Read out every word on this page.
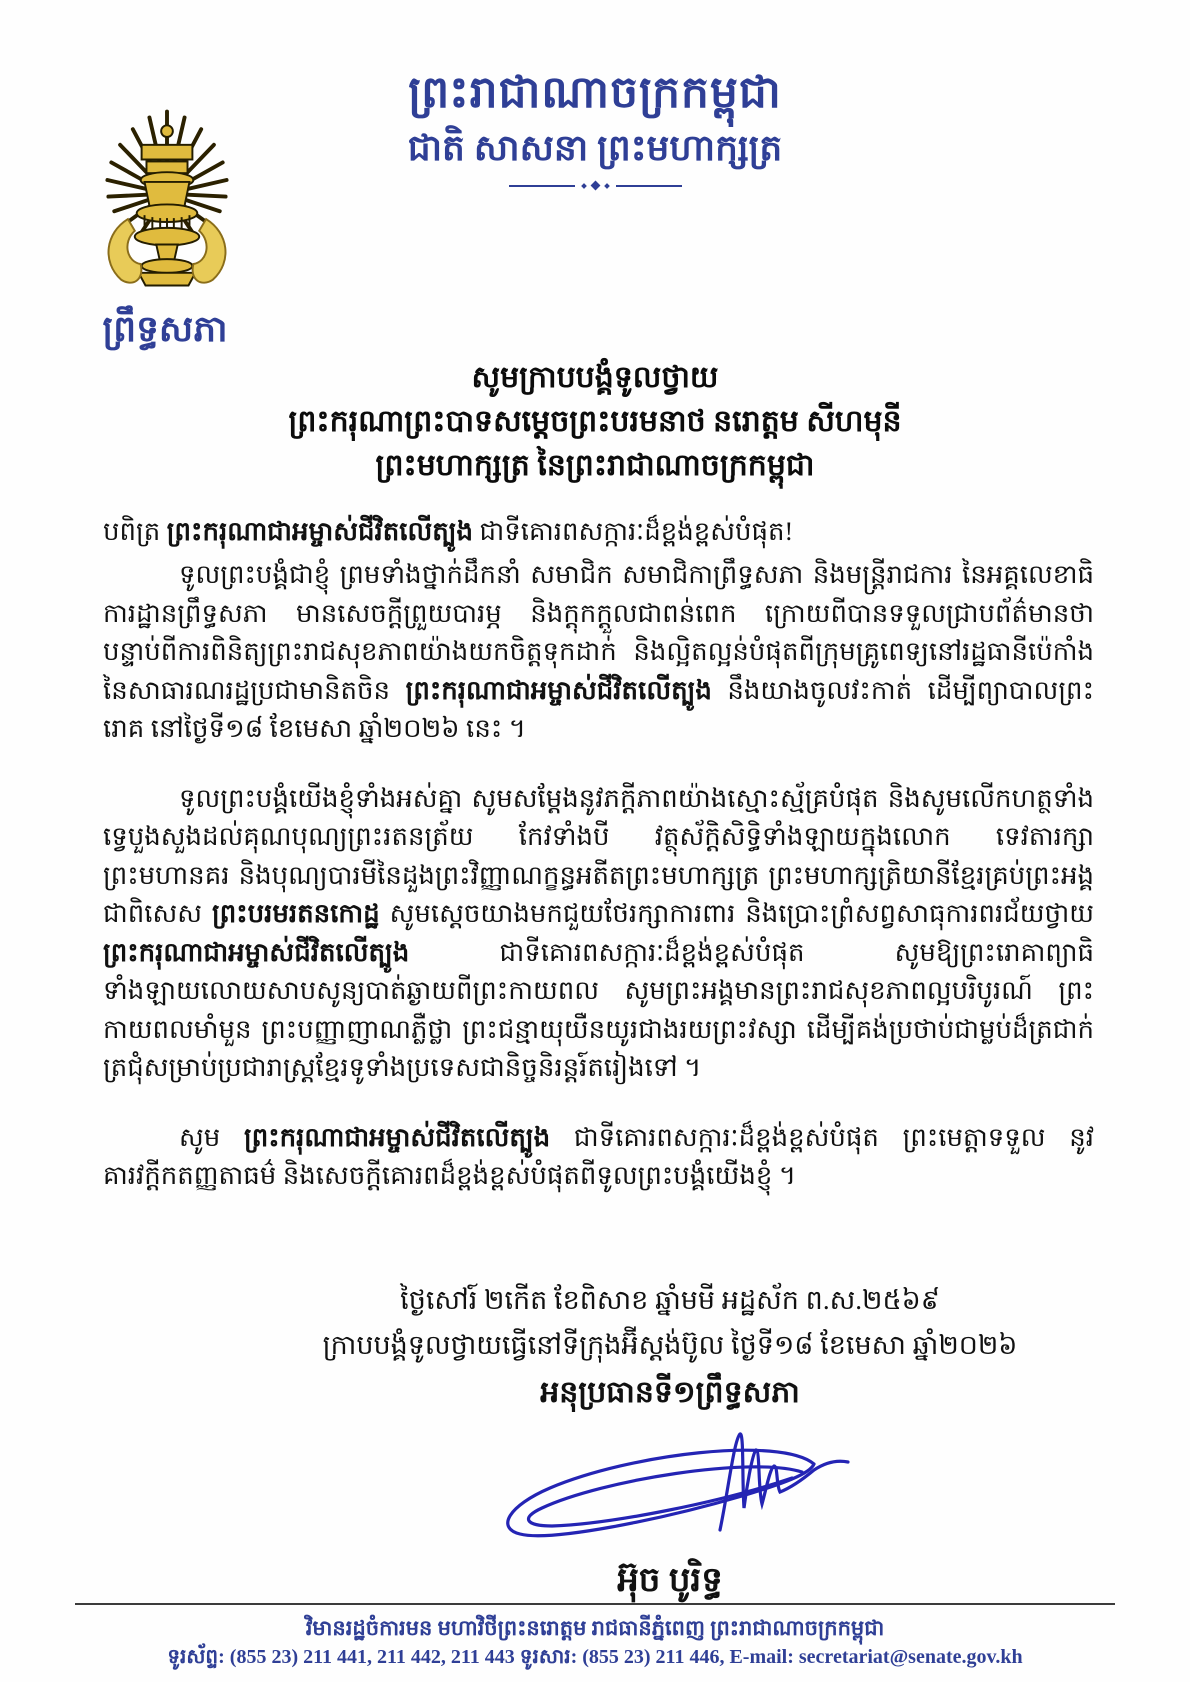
ព្រឹទ្ធសភា
ព្រះរាជាណាចក្រកម្ពុជា
ជាតិ សាសនា ព្រះមហាក្សត្រ
សូមក្រាបបង្គំទូលថ្វាយ
ព្រះករុណាព្រះបាទសម្តេចព្រះបរមនាថ នរោត្តម សីហមុនី
ព្រះមហាក្សត្រ នៃព្រះរាជាណាចក្រកម្ពុជា
បពិត្រ ព្រះករុណាជាអម្ចាស់ជីវិតលើត្បូង ជាទីគោរពសក្ការៈដ៏ខ្ពង់ខ្ពស់បំផុត!

ទូលព្រះបង្គំជាខ្ញុំ ព្រមទាំងថ្នាក់ដឹកនាំ សមាជិក សមាជិកាព្រឹទ្ធសភា និងមន្ត្រីរាជការ នៃអគ្គលេខាធិការដ្ឋានព្រឹទ្ធសភា មានសេចក្តីព្រួយបារម្ភ និងក្តុកក្តួលជាពន់ពេក ក្រោយពីបានទទួលជ្រាបព័ត៌មានថា បន្ទាប់ពីការពិនិត្យព្រះរាជសុខភាពយ៉ាងយកចិត្តទុកដាក់ និងល្អិតល្អន់បំផុតពីក្រុមគ្រូពេទ្យនៅរដ្ឋធានីប៉េកាំង នៃសាធារណរដ្ឋប្រជាមានិតចិន ព្រះករុណាជាអម្ចាស់ជីវិតលើត្បូង នឹងយាងចូលវះកាត់ ដើម្បីព្យាបាលព្រះរោគ នៅថ្ងៃទី១៨ ខែមេសា ឆ្នាំ២០២៦ នេះ ។

ទូលព្រះបង្គំយើងខ្ញុំទាំងអស់គ្នា សូមសម្តែងនូវភក្តីភាពយ៉ាងស្មោះស្ម័គ្របំផុត និងសូមលើកហត្ថទាំងទ្វេបួងសួងដល់គុណបុណ្យព្រះរតនត្រ័យ កែវទាំងបី វត្ថុស័ក្តិសិទ្ធិទាំងឡាយក្នុងលោក ទេវតារក្សាព្រះមហានគរ និងបុណ្យបារមីនៃដួងព្រះវិញ្ញាណក្ខន្ធអតីតព្រះមហាក្សត្រ ព្រះមហាក្សត្រិយានីខ្មែរគ្រប់ព្រះអង្គ ជាពិសេស ព្រះបរមរតនកោដ្ឋ សូមស្តេចយាងមកជួយថែរក្សាការពារ និងប្រោះព្រំសព្វសាធុការពរជ័យថ្វាយ ព្រះករុណាជាអម្ចាស់ជីវិតលើត្បូង ជាទីគោរពសក្ការៈដ៏ខ្ពង់ខ្ពស់បំផុត សូមឱ្យព្រះរោគាព្យាធិទាំងឡាយលោយសាបសូន្យបាត់ឆ្ងាយពីព្រះកាយពល សូមព្រះអង្គមានព្រះរាជសុខភាពល្អបរិបូរណ៍ ព្រះកាយពលមាំមួន ព្រះបញ្ញាញាណភ្លឺថ្លា ព្រះជន្មាយុយឺនយូរជាងរយព្រះវស្សា ដើម្បីគង់ប្រថាប់ជាម្លប់ដ៏ត្រជាក់ត្រជុំសម្រាប់ប្រជារាស្ត្រខ្មែរទូទាំងប្រទេសជានិច្ចនិរន្តរ៍តរៀងទៅ ។

សូម ព្រះករុណាជាអម្ចាស់ជីវិតលើត្បូង ជាទីគោរពសក្ការៈដ៏ខ្ពង់ខ្ពស់បំផុត ព្រះមេត្តាទទួល នូវគារវក្តីកតញ្ញតាធម៌ និងសេចក្តីគោរពដ៏ខ្ពង់ខ្ពស់បំផុតពីទូលព្រះបង្គំយើងខ្ញុំ ។

ថ្ងៃសៅរ៍ ២កើត ខែពិសាខ ឆ្នាំមមី អដ្ឋស័ក ព.ស.២៥៦៩
ក្រាបបង្គំទូលថ្វាយធ្វើនៅទីក្រុងអ៊ីស្តង់ប៊ូល ថ្ងៃទី១៨ ខែមេសា ឆ្នាំ២០២៦
អនុប្រធានទី១ព្រឹទ្ធសភា
អ៊ុច បូរិទ្ធ
វិមានរដ្ឋចំការមន មហាវិថីព្រះនរោត្តម រាជធានីភ្នំពេញ ព្រះរាជាណាចក្រកម្ពុជា
ទូរស័ព្ទ: (855 23) 211 441, 211 442, 211 443 ទូរសារ: (855 23) 211 446, E-mail: secretariat@senate.gov.kh
